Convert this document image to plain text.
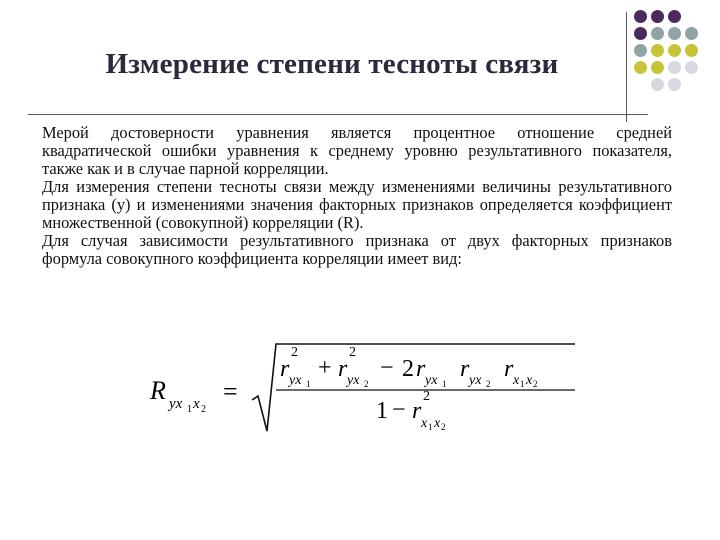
Измерение степени тесноты связи

Мерой достоверности уравнения является процентное отношение средней квадратической ошибки уравнения к среднему уровню результативного показателя, также как и в случае парной корреляции.

Для измерения степени тесноты связи между изменениями величины результативного признака (y) и изменениями значения факторных признаков определяется коэффициент множественной (совокупной) корреляции (R).

Для случая зависимости результативного признака от двух факторных признаков формула совокупного коэффициента корреляции имеет вид:

R yx 1 x 2
=
r
2
yx 1
+ r
2
yx 2
− 2 r yx 1
r yx 2
r x 1 x 2
1 − r
2
x 1 x 2
